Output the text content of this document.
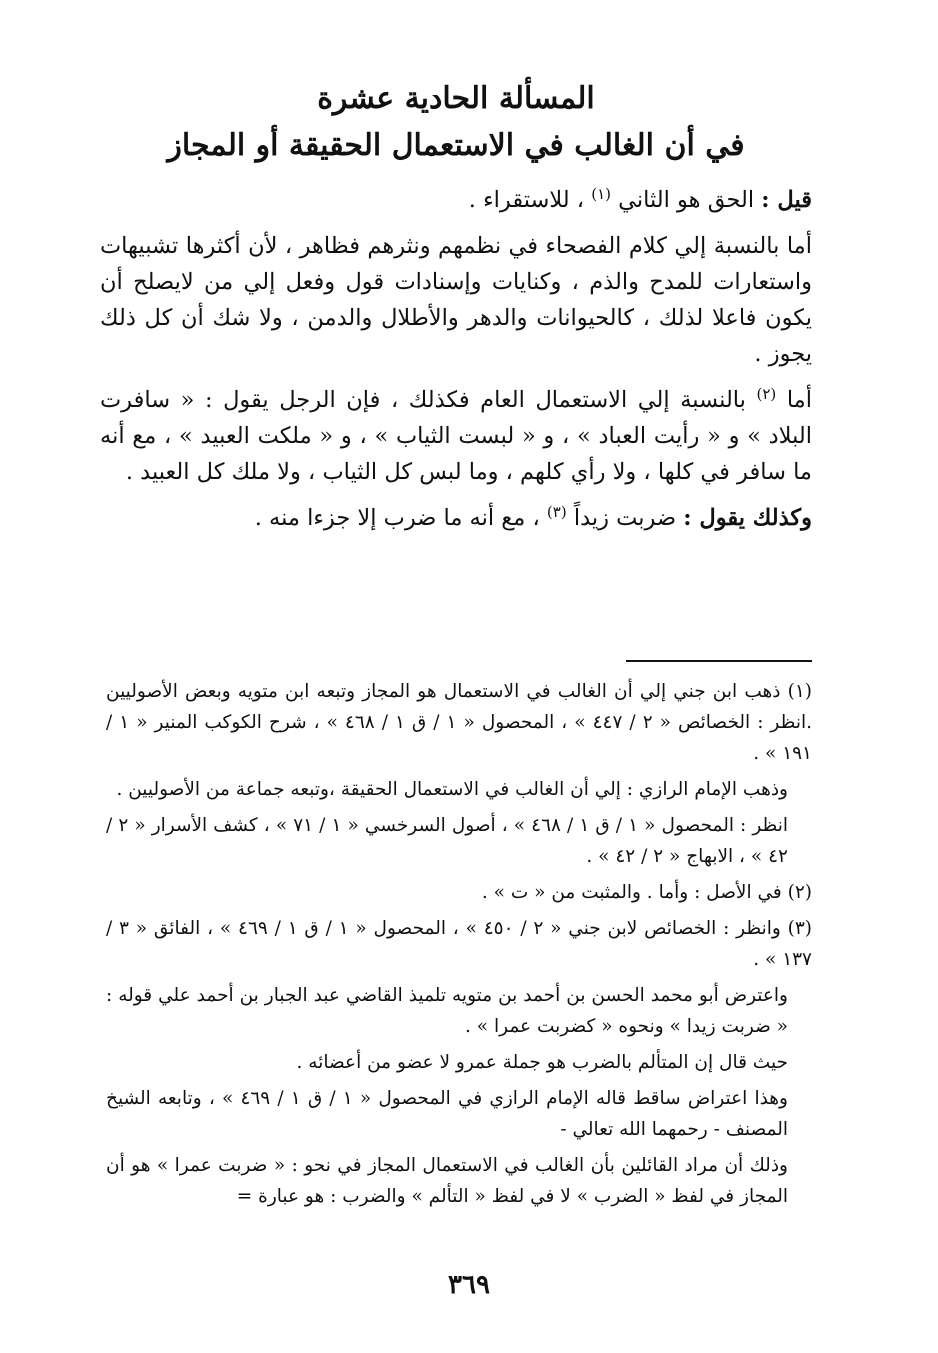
المسألة الحادية عشرة
في أن الغالب في الاستعمال الحقيقة أو المجاز

قيل : الحق هو الثاني $^{(١)}$ ، للاستقراء .

أما بالنسبة إلي كلام الفصحاء في نظمهم ونثرهم فظاهر ، لأن أكثرها تشبيهات واستعارات للمدح والذم ، وكنايات وإسنادات قول وفعل إلي من لايصلح أن يكون فاعلا لذلك ، كالحيوانات والدهر والأطلال والدمن ، ولا شك أن كل ذلك يجوز .

أما $^{(٢)}$ بالنسبة إلي الاستعمال العام فكذلك ، فإن الرجل يقول : « سافرت البلاد » و « رأيت العباد » ، و « لبست الثياب » ، و « ملكت العبيد » ، مع أنه ما سافر في كلها ، ولا رأي كلهم ، وما لبس كل الثياب ، ولا ملك كل العبيد .

وكذلك يقول : ضربت زيداً $^{(٣)}$ ، مع أنه ما ضرب إلا جزءا منه .

(١) ذهب ابن جني إلي أن الغالب في الاستعمال هو المجاز وتبعه ابن متويه وبعض الأصوليين .انظر : الخصائص « ٢ / ٤٤٧ » ، المحصول « ١ / ق ١ / ٤٦٨ » ، شرح الكوكب المنير « ١ / ١٩١ » .

وذهب الإمام الرازي : إلي أن الغالب في الاستعمال الحقيقة ،وتبعه جماعة من الأصوليين .

انظر : المحصول « ١ / ق ١ / ٤٦٨ » ، أصول السرخسي « ١ / ٧١ » ، كشف الأسرار « ٢ / ٤٢ » ، الابهاج « ٢ / ٤٢ » .

(٢) في الأصل : وأما . والمثبت من « ت » .

(٣) وانظر : الخصائص لابن جني « ٢ / ٤٥٠ » ، المحصول « ١ / ق ١ / ٤٦٩ » ، الفائق « ٣ / ١٣٧ » .

واعترض أبو محمد الحسن بن أحمد بن متويه تلميذ القاضي عبد الجبار بن أحمد علي قوله : « ضربت زيدا » ونحوه « كضربت عمرا » .

حيث قال إن المتألم بالضرب هو جملة عمرو لا عضو من أعضائه .

وهذا اعتراض ساقط قاله الإمام الرازي في المحصول « ١ / ق ١ / ٤٦٩ » ، وتابعه الشيخ المصنف - رحمهما الله تعالي -

وذلك أن مراد القائلين بأن الغالب في الاستعمال المجاز في نحو : « ضربت عمرا » هو أن المجاز في لفظ « الضرب » لا في لفظ « التألم » والضرب : هو عبارة =

٣٦٩
